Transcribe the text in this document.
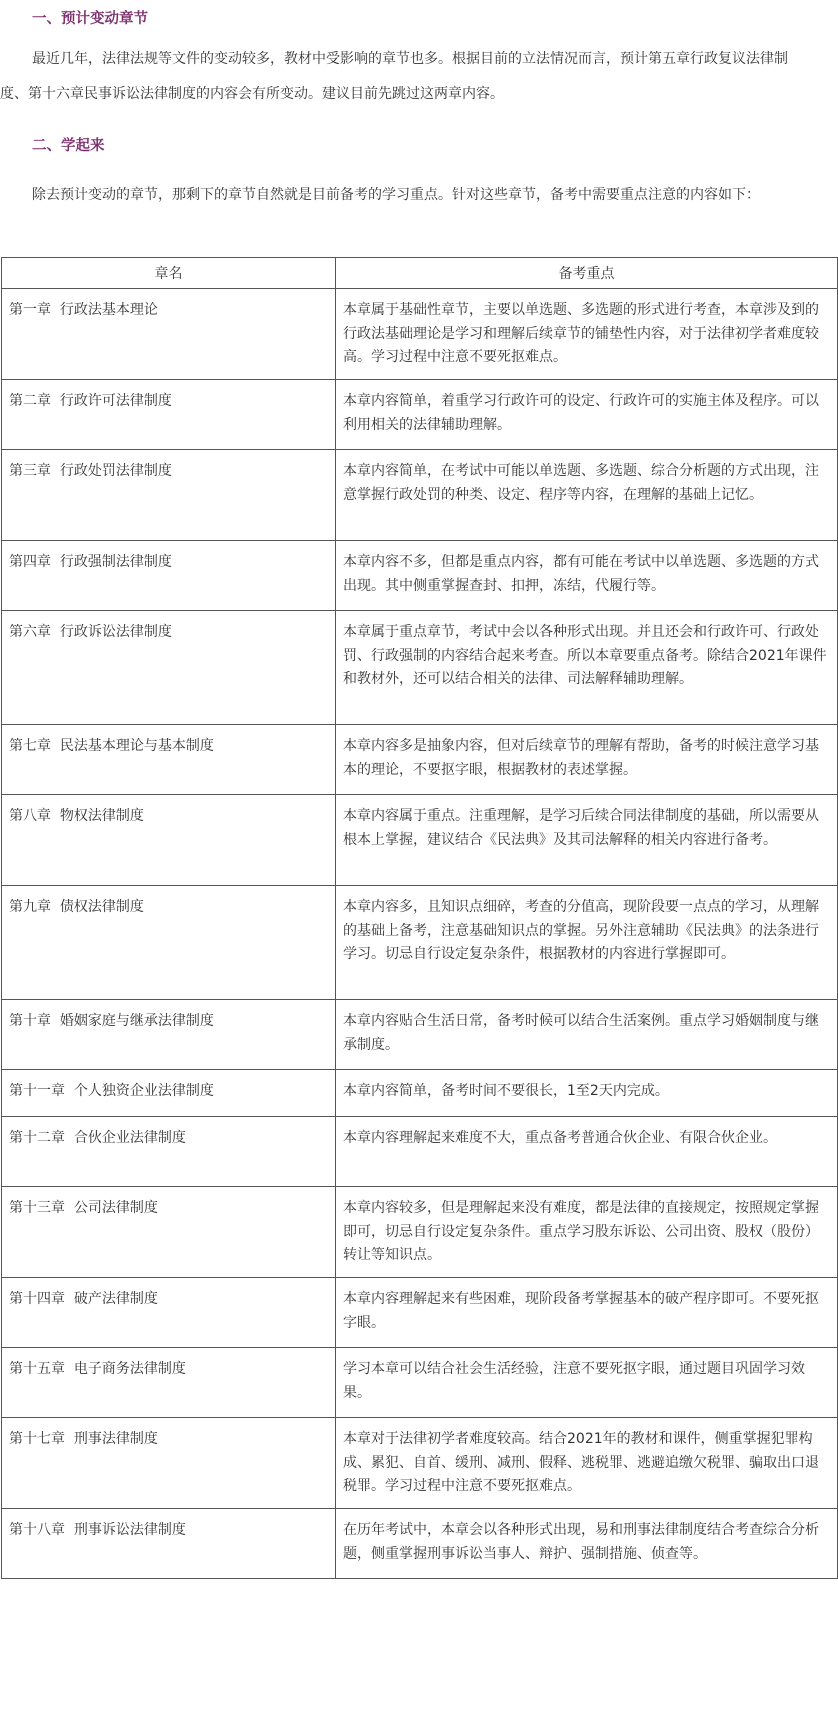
一、预计变动章节

最近几年，法律法规等文件的变动较多，教材中受影响的章节也多。根据目前的立法情况而言，预计第五章行政复议法律制度、第十六章民事诉讼法律制度的内容会有所变动。建议目前先跳过这两章内容。

二、学起来

除去预计变动的章节，那剩下的章节自然就是目前备考的学习重点。针对这些章节，备考中需要重点注意的内容如下：

章名	备考重点
第一章  行政法基本理论	本章属于基础性章节，主要以单选题、多选题的形式进行考查，本章涉及到的行政法基础理论是学习和理解后续章节的铺垫性内容，对于法律初学者难度较高。学习过程中注意不要死抠难点。
第二章  行政许可法律制度	本章内容简单，着重学习行政许可的设定、行政许可的实施主体及程序。可以利用相关的法律辅助理解。
第三章  行政处罚法律制度	本章内容简单，在考试中可能以单选题、多选题、综合分析题的方式出现，注意掌握行政处罚的种类、设定、程序等内容，在理解的基础上记忆。
第四章  行政强制法律制度	本章内容不多，但都是重点内容，都有可能在考试中以单选题、多选题的方式出现。其中侧重掌握查封、扣押，冻结，代履行等。
第六章  行政诉讼法律制度	本章属于重点章节，考试中会以各种形式出现。并且还会和行政许可、行政处罚、行政强制的内容结合起来考查。所以本章要重点备考。除结合2021年课件和教材外，还可以结合相关的法律、司法解释辅助理解。
第七章  民法基本理论与基本制度	本章内容多是抽象内容，但对后续章节的理解有帮助，备考的时候注意学习基本的理论，不要抠字眼，根据教材的表述掌握。
第八章  物权法律制度	本章内容属于重点。注重理解，是学习后续合同法律制度的基础，所以需要从根本上掌握，建议结合《民法典》及其司法解释的相关内容进行备考。
第九章  债权法律制度	本章内容多，且知识点细碎，考查的分值高，现阶段要一点点的学习，从理解的基础上备考，注意基础知识点的掌握。另外注意辅助《民法典》的法条进行学习。切忌自行设定复杂条件，根据教材的内容进行掌握即可。
第十章  婚姻家庭与继承法律制度	本章内容贴合生活日常，备考时候可以结合生活案例。重点学习婚姻制度与继承制度。
第十一章  个人独资企业法律制度	本章内容简单，备考时间不要很长，1至2天内完成。
第十二章  合伙企业法律制度	本章内容理解起来难度不大，重点备考普通合伙企业、有限合伙企业。
第十三章  公司法律制度	本章内容较多，但是理解起来没有难度，都是法律的直接规定，按照规定掌握即可，切忌自行设定复杂条件。重点学习股东诉讼、公司出资、股权（股份）转让等知识点。
第十四章  破产法律制度	本章内容理解起来有些困难，现阶段备考掌握基本的破产程序即可。不要死抠字眼。
第十五章  电子商务法律制度	学习本章可以结合社会生活经验，注意不要死抠字眼，通过题目巩固学习效果。
第十七章  刑事法律制度	本章对于法律初学者难度较高。结合2021年的教材和课件，侧重掌握犯罪构成、累犯、自首、缓刑、减刑、假释、逃税罪、逃避追缴欠税罪、骗取出口退税罪。学习过程中注意不要死抠难点。
第十八章  刑事诉讼法律制度	在历年考试中，本章会以各种形式出现，易和刑事法律制度结合考查综合分析题，侧重掌握刑事诉讼当事人、辩护、强制措施、侦查等。
